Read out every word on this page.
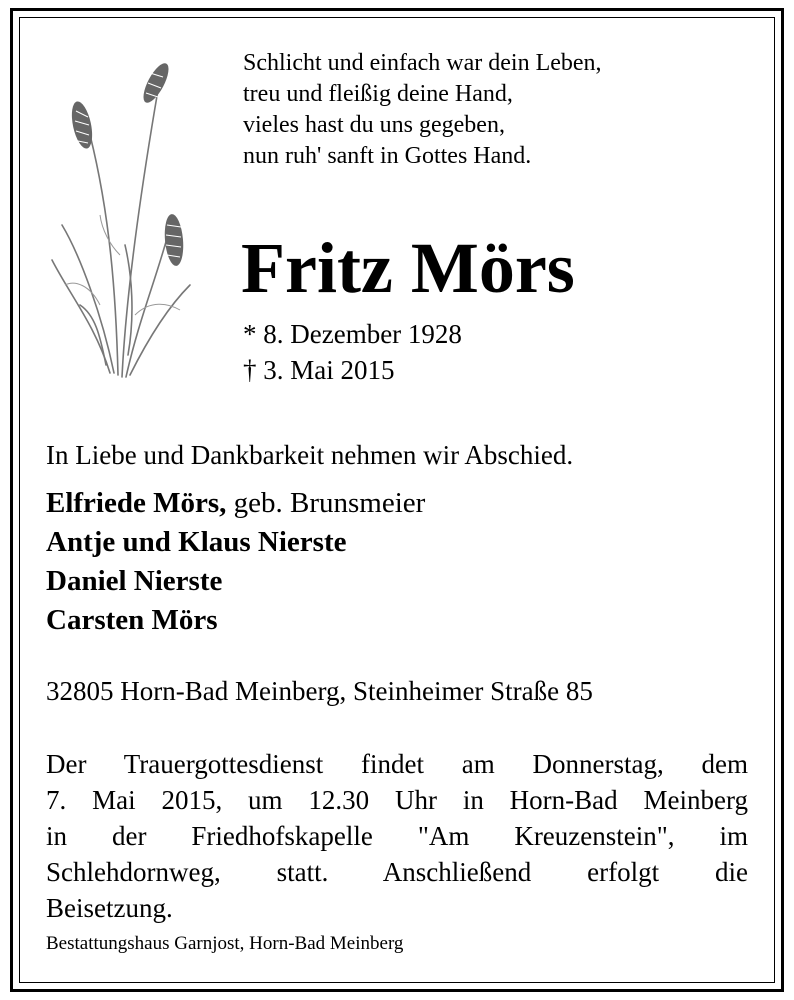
Schlicht und einfach war dein Leben,
treu und fleißig deine Hand,
vieles hast du uns gegeben,
nun ruh' sanft in Gottes Hand.
Fritz Mörs
* 8. Dezember 1928
† 3. Mai 2015
In Liebe und Dankbarkeit nehmen wir Abschied.
Elfriede Mörs, geb. Brunsmeier
Antje und Klaus Nierste
Daniel Nierste
Carsten Mörs
32805 Horn-Bad Meinberg, Steinheimer Straße 85
Der Trauergottesdienst findet am Donnerstag, dem
7. Mai 2015, um 12.30 Uhr in Horn-Bad Meinberg
in der Friedhofskapelle "Am Kreuzenstein", im
Schlehdornweg, statt. Anschließend erfolgt die
Beisetzung.
Bestattungshaus Garnjost, Horn-Bad Meinberg
